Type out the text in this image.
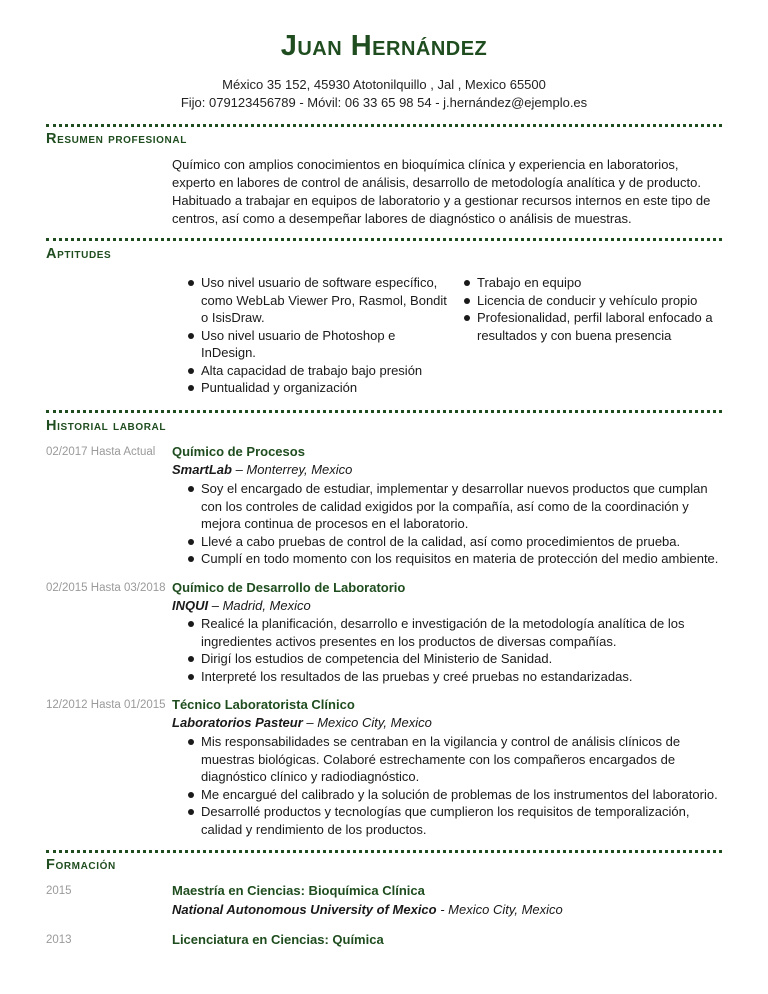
Juan Hernández
México 35 152, 45930 Atotonilquillo , Jal , Mexico 65500
Fijo: 079123456789 - Móvil: 06 33 65 98 54 - j.hernández@ejemplo.es
Resumen profesional
Químico con amplios conocimientos en bioquímica clínica y experiencia en laboratorios, experto en labores de control de análisis, desarrollo de metodología analítica y de producto. Habituado a trabajar en equipos de laboratorio y a gestionar recursos internos en este tipo de centros, así como a desempeñar labores de diagnóstico o análisis de muestras.
Aptitudes
Uso nivel usuario de software específico, como WebLab Viewer Pro, Rasmol, Bondit o IsisDraw.
Uso nivel usuario de Photoshop e InDesign.
Alta capacidad de trabajo bajo presión
Puntualidad y organización
Trabajo en equipo
Licencia de conducir y vehículo propio
Profesionalidad, perfil laboral enfocado a resultados y con buena presencia
Historial laboral
02/2017 Hasta Actual Químico de Procesos
SmartLab – Monterrey, Mexico
Soy el encargado de estudiar, implementar y desarrollar nuevos productos que cumplan con los controles de calidad exigidos por la compañía, así como de la coordinación y mejora continua de procesos en el laboratorio.
Llevé a cabo pruebas de control de la calidad, así como procedimientos de prueba.
Cumplí en todo momento con los requisitos en materia de protección del medio ambiente.
02/2015 Hasta 03/2018 Químico de Desarrollo de Laboratorio
INQUI – Madrid, Mexico
Realicé la planificación, desarrollo e investigación de la metodología analítica de los ingredientes activos presentes en los productos de diversas compañías.
Dirigí los estudios de competencia del Ministerio de Sanidad.
Interpreté los resultados de las pruebas y creé pruebas no estandarizadas.
12/2012 Hasta 01/2015 Técnico Laboratorista Clínico
Laboratorios Pasteur – Mexico City, Mexico
Mis responsabilidades se centraban en la vigilancia y control de análisis clínicos de muestras biológicas. Colaboré estrechamente con los compañeros encargados de diagnóstico clínico y radiodiagnóstico.
Me encargué del calibrado y la solución de problemas de los instrumentos del laboratorio.
Desarrollé productos y tecnologías que cumplieron los requisitos de temporalización, calidad y rendimiento de los productos.
Formación
2015	Maestría en Ciencias: Bioquímica Clínica
National Autonomous University of Mexico - Mexico City, Mexico
2013	Licenciatura en Ciencias: Química
